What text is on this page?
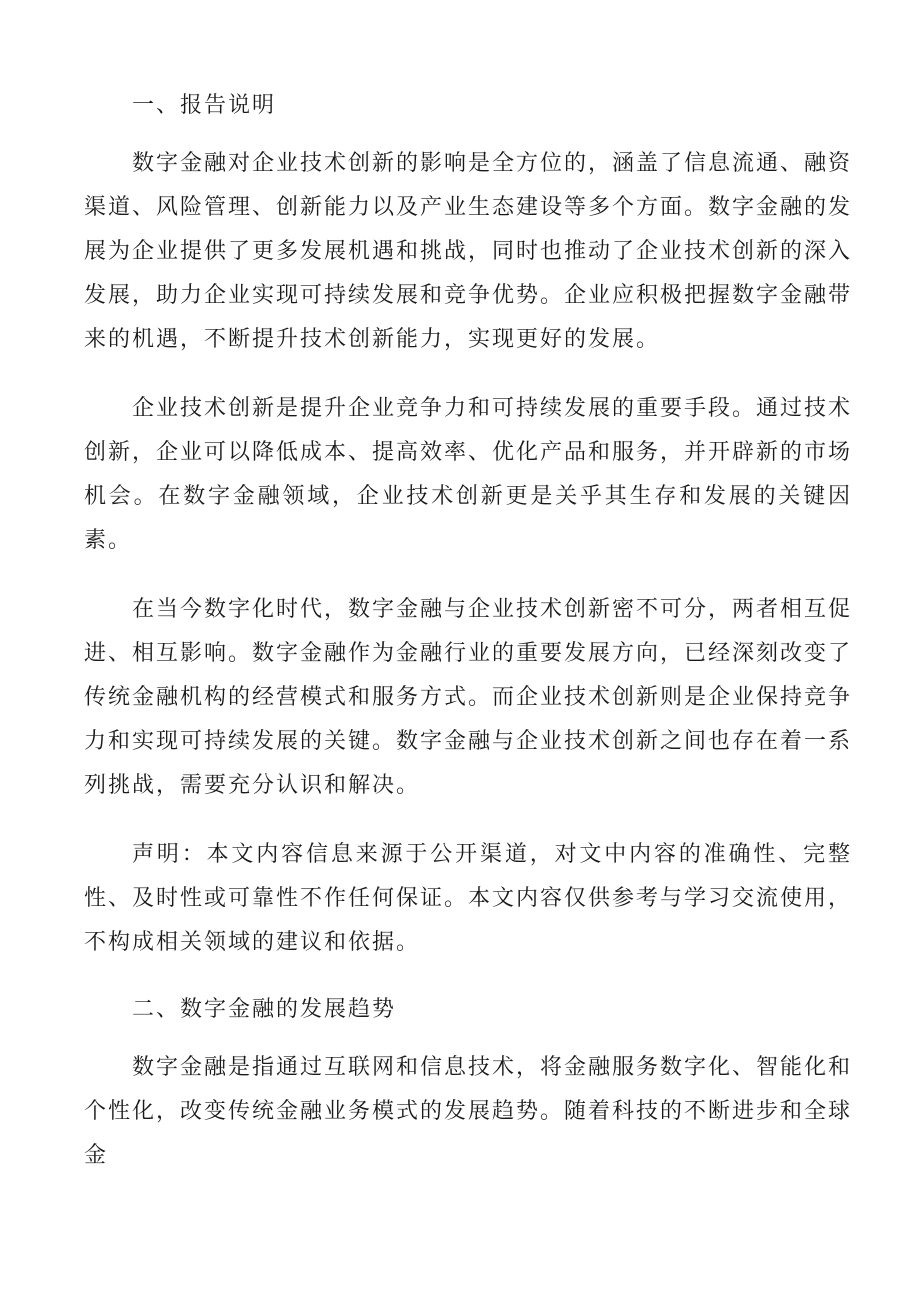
一、报告说明

数字金融对企业技术创新的影响是全方位的，涵盖了信息流通、融资渠道、风险管理、创新能力以及产业生态建设等多个方面。数字金融的发展为企业提供了更多发展机遇和挑战，同时也推动了企业技术创新的深入发展，助力企业实现可持续发展和竞争优势。企业应积极把握数字金融带来的机遇，不断提升技术创新能力，实现更好的发展。

企业技术创新是提升企业竞争力和可持续发展的重要手段。通过技术创新，企业可以降低成本、提高效率、优化产品和服务，并开辟新的市场机会。在数字金融领域，企业技术创新更是关乎其生存和发展的关键因素。

在当今数字化时代，数字金融与企业技术创新密不可分，两者相互促进、相互影响。数字金融作为金融行业的重要发展方向，已经深刻改变了传统金融机构的经营模式和服务方式。而企业技术创新则是企业保持竞争力和实现可持续发展的关键。数字金融与企业技术创新之间也存在着一系列挑战，需要充分认识和解决。

声明：本文内容信息来源于公开渠道，对文中内容的准确性、完整性、及时性或可靠性不作任何保证。本文内容仅供参考与学习交流使用，不构成相关领域的建议和依据。

二、数字金融的发展趋势

数字金融是指通过互联网和信息技术，将金融服务数字化、智能化和个性化，改变传统金融业务模式的发展趋势。随着科技的不断进步和全球金
